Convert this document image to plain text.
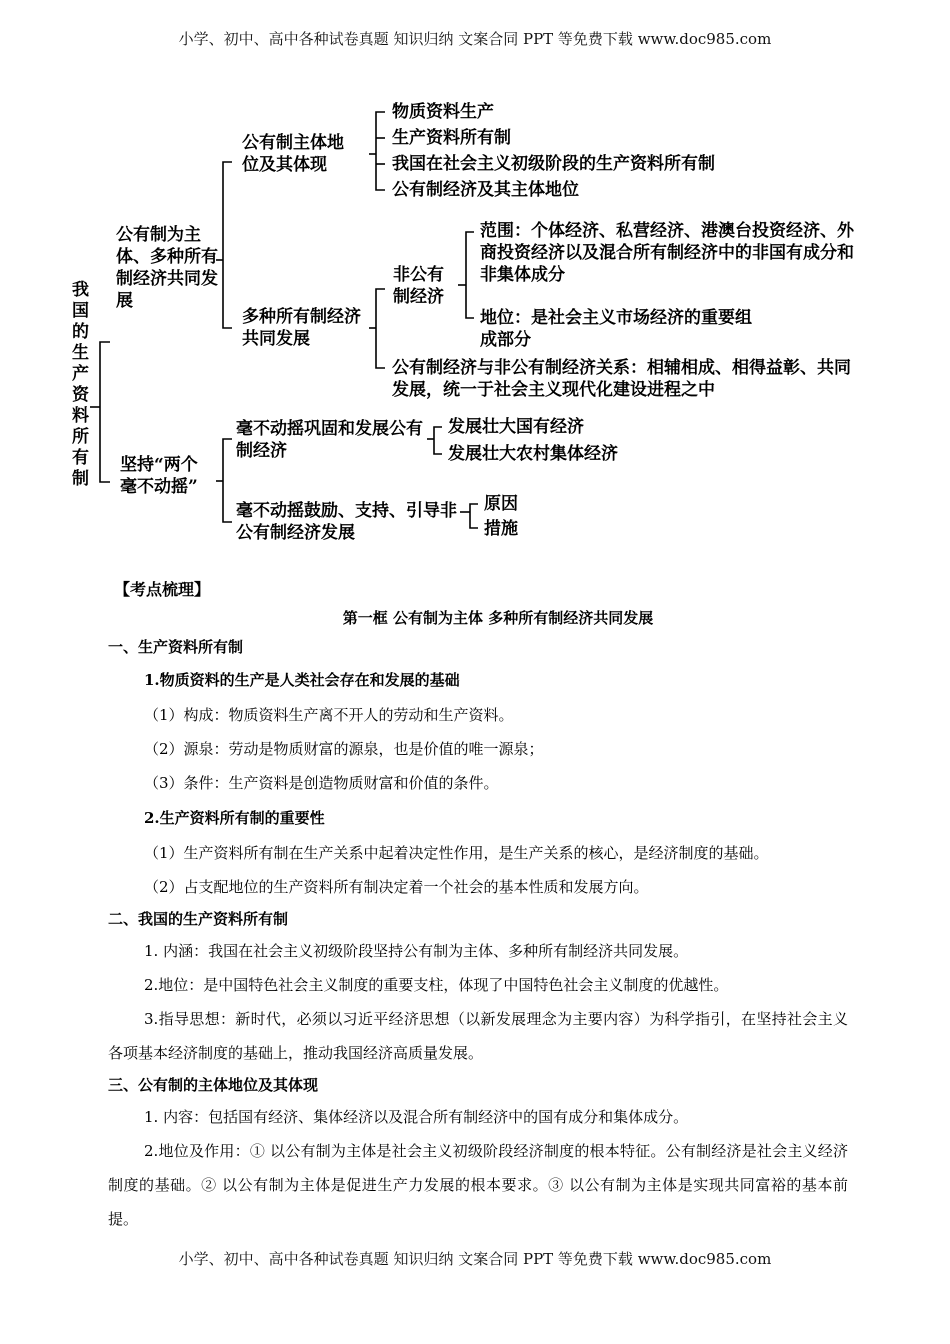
小学、初中、高中各种试卷真题 知识归纳 文案合同 PPT 等免费下载 www.doc985.com
我国的生产资料所有制
公有制为主体、多种所有制经济共同发展
公有制主体地位及其体现
物质资料生产
生产资料所有制
我国在社会主义初级阶段的生产资料所有制
公有制经济及其主体地位
多种所有制经济共同发展
非公有制经济
范围：个体经济、私营经济、港澳台投资经济、外商投资经济以及混合所有制经济中的非国有成分和非集体成分
地位：是社会主义市场经济的重要组成部分
公有制经济与非公有制经济关系：相辅相成、相得益彰、共同发展，统一于社会主义现代化建设进程之中
坚持“两个毫不动摇”
毫不动摇巩固和发展公有制经济
发展壮大国有经济
发展壮大农村集体经济
毫不动摇鼓励、支持、引导非公有制经济发展
原因
措施
【考点梳理】
第一框 公有制为主体 多种所有制经济共同发展
一、生产资料所有制
1.物质资料的生产是人类社会存在和发展的基础
（1）构成：物质资料生产离不开人的劳动和生产资料。
（2）源泉：劳动是物质财富的源泉，也是价值的唯一源泉；
（3）条件：生产资料是创造物质财富和价值的条件。
2.生产资料所有制的重要性
（1）生产资料所有制在生产关系中起着决定性作用，是生产关系的核心，是经济制度的基础。
（2）占支配地位的生产资料所有制决定着一个社会的基本性质和发展方向。
二、我国的生产资料所有制
1. 内涵：我国在社会主义初级阶段坚持公有制为主体、多种所有制经济共同发展。
2.地位：是中国特色社会主义制度的重要支柱，体现了中国特色社会主义制度的优越性。
3.指导思想：新时代，必须以习近平经济思想（以新发展理念为主要内容）为科学指引，在坚持社会主义各项基本经济制度的基础上，推动我国经济高质量发展。
三、公有制的主体地位及其体现
1. 内容：包括国有经济、集体经济以及混合所有制经济中的国有成分和集体成分。
2.地位及作用：① 以公有制为主体是社会主义初级阶段经济制度的根本特征。公有制经济是社会主义经济制度的基础。② 以公有制为主体是促进生产力发展的根本要求。③ 以公有制为主体是实现共同富裕的基本前提。
小学、初中、高中各种试卷真题 知识归纳 文案合同 PPT 等免费下载 www.doc985.com
